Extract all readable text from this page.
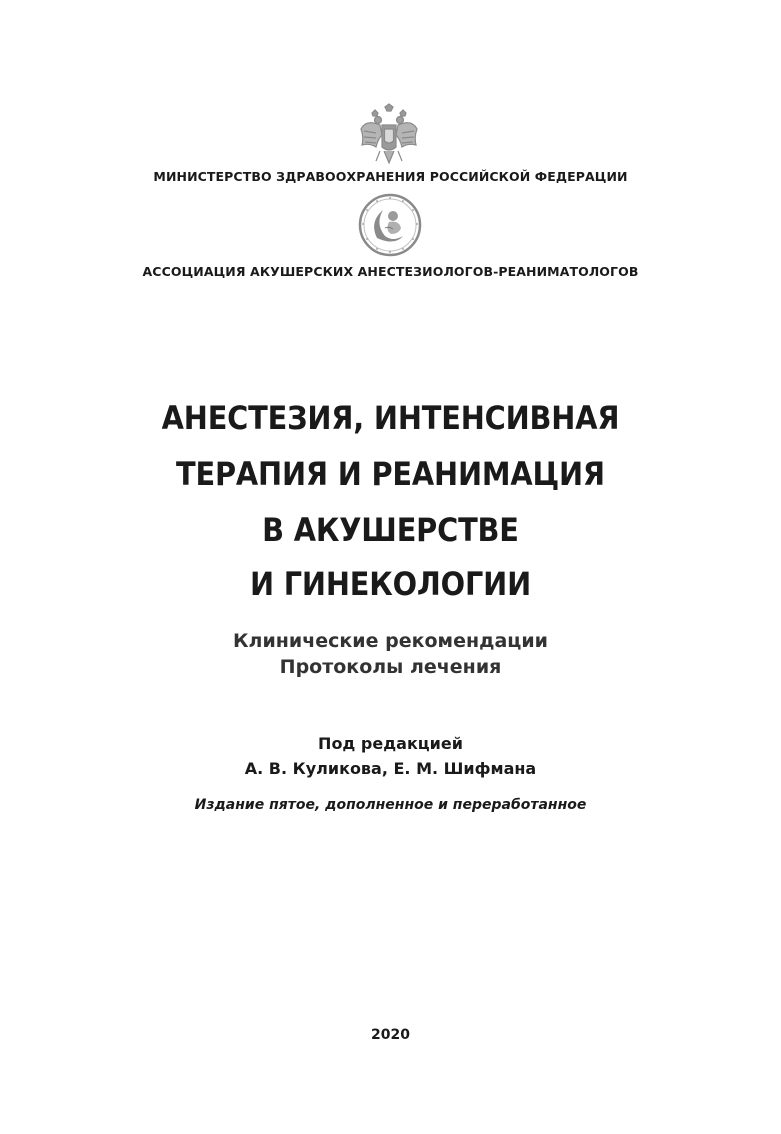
МИНИСТЕРСТВО ЗДРАВООХРАНЕНИЯ РОССИЙСКОЙ ФЕДЕРАЦИИ
АССОЦИАЦИЯ АКУШЕРСКИХ АНЕСТЕЗИОЛОГОВ-РЕАНИМАТОЛОГОВ
АНЕСТЕЗИЯ, ИНТЕНСИВНАЯ
ТЕРАПИЯ И РЕАНИМАЦИЯ
В АКУШЕРСТВЕ
И ГИНЕКОЛОГИИ
Клинические рекомендации
Протоколы лечения
Под редакцией
А. В. Куликова, Е. М. Шифмана
Издание пятое, дополненное и переработанное
2020
